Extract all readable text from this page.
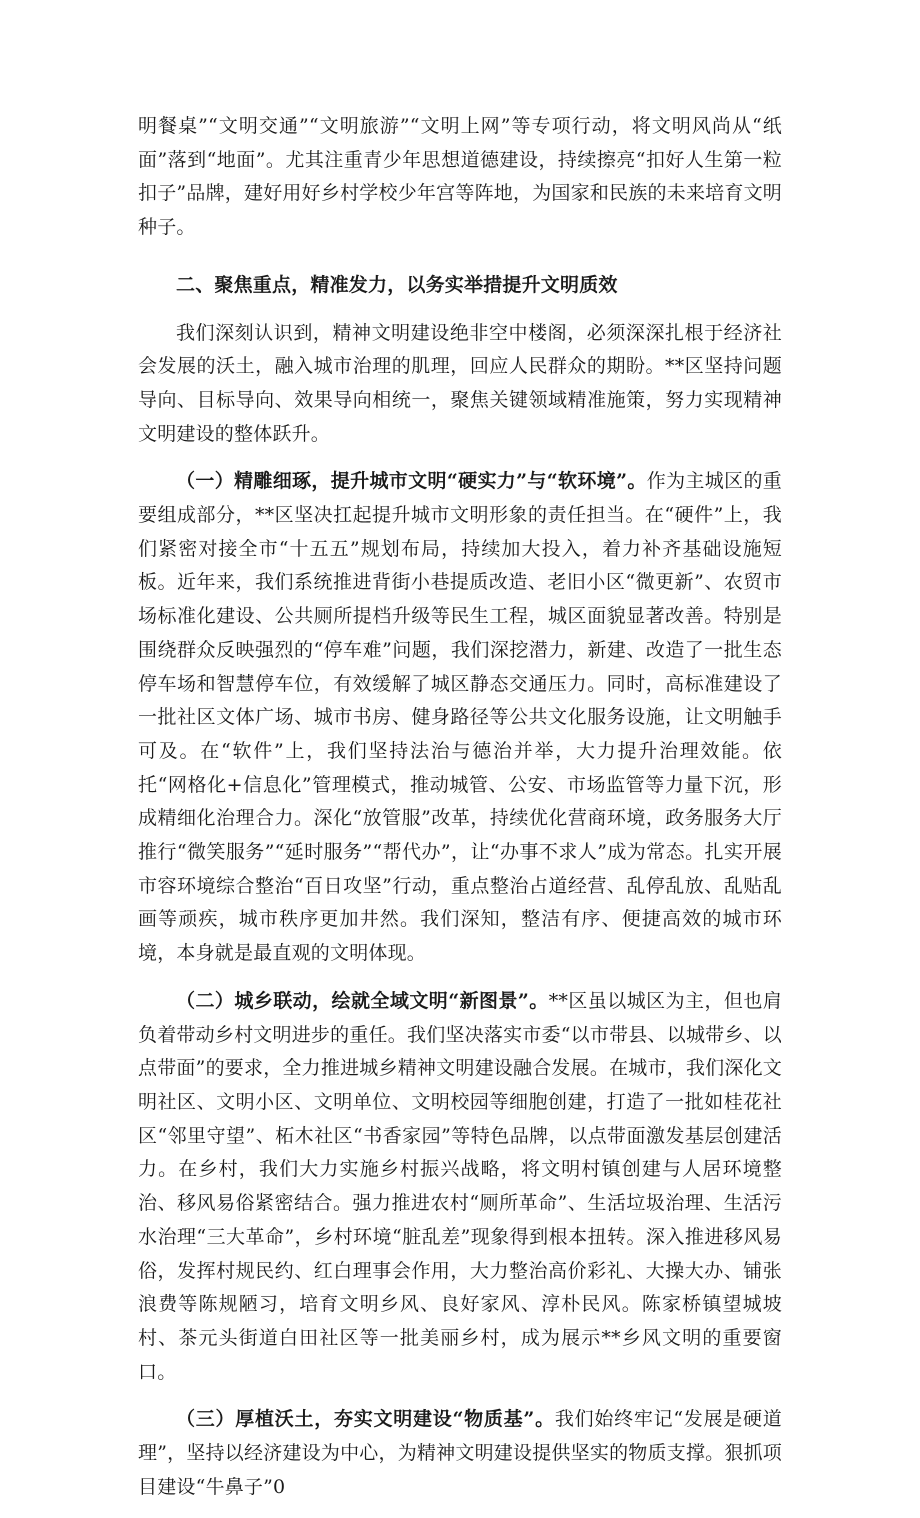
明餐桌”“文明交通”“文明旅游”“文明上网”等专项行动，将文明风尚从“纸面”落到“地面”。尤其注重青少年思想道德建设，持续擦亮“扣好人生第一粒扣子”品牌，建好用好乡村学校少年宫等阵地，为国家和民族的未来培育文明种子。

二、聚焦重点，精准发力，以务实举措提升文明质效

我们深刻认识到，精神文明建设绝非空中楼阁，必须深深扎根于经济社会发展的沃土，融入城市治理的肌理，回应人民群众的期盼。**区坚持问题导向、目标导向、效果导向相统一，聚焦关键领域精准施策，努力实现精神文明建设的整体跃升。

（一）精雕细琢，提升城市文明“硬实力”与“软环境”。作为主城区的重要组成部分，**区坚决扛起提升城市文明形象的责任担当。在“硬件”上，我们紧密对接全市“十五五”规划布局，持续加大投入，着力补齐基础设施短板。近年来，我们系统推进背街小巷提质改造、老旧小区“微更新”、农贸市场标准化建设、公共厕所提档升级等民生工程，城区面貌显著改善。特别是围绕群众反映强烈的“停车难”问题，我们深挖潜力，新建、改造了一批生态停车场和智慧停车位，有效缓解了城区静态交通压力。同时，高标准建设了一批社区文体广场、城市书房、健身路径等公共文化服务设施，让文明触手可及。在“软件”上，我们坚持法治与德治并举，大力提升治理效能。依托“网格化+信息化”管理模式，推动城管、公安、市场监管等力量下沉，形成精细化治理合力。深化“放管服”改革，持续优化营商环境，政务服务大厅推行“微笑服务”“延时服务”“帮代办”，让“办事不求人”成为常态。扎实开展市容环境综合整治“百日攻坚”行动，重点整治占道经营、乱停乱放、乱贴乱画等顽疾，城市秩序更加井然。我们深知，整洁有序、便捷高效的城市环境，本身就是最直观的文明体现。

（二）城乡联动，绘就全域文明“新图景”。**区虽以城区为主，但也肩负着带动乡村文明进步的重任。我们坚决落实市委“以市带县、以城带乡、以点带面”的要求，全力推进城乡精神文明建设融合发展。在城市，我们深化文明社区、文明小区、文明单位、文明校园等细胞创建，打造了一批如桂花社区“邻里守望”、柘木社区“书香家园”等特色品牌，以点带面激发基层创建活力。在乡村，我们大力实施乡村振兴战略，将文明村镇创建与人居环境整治、移风易俗紧密结合。强力推进农村“厕所革命”、生活垃圾治理、生活污水治理“三大革命”，乡村环境“脏乱差”现象得到根本扭转。深入推进移风易俗，发挥村规民约、红白理事会作用，大力整治高价彩礼、大操大办、铺张浪费等陈规陋习，培育文明乡风、良好家风、淳朴民风。陈家桥镇望城坡村、茶元头街道白田社区等一批美丽乡村，成为展示**乡风文明的重要窗口。

（三）厚植沃土，夯实文明建设“物质基”。我们始终牢记“发展是硬道理”，坚持以经济建设为中心，为精神文明建设提供坚实的物质支撑。狠抓项目建设“牛鼻子”0
